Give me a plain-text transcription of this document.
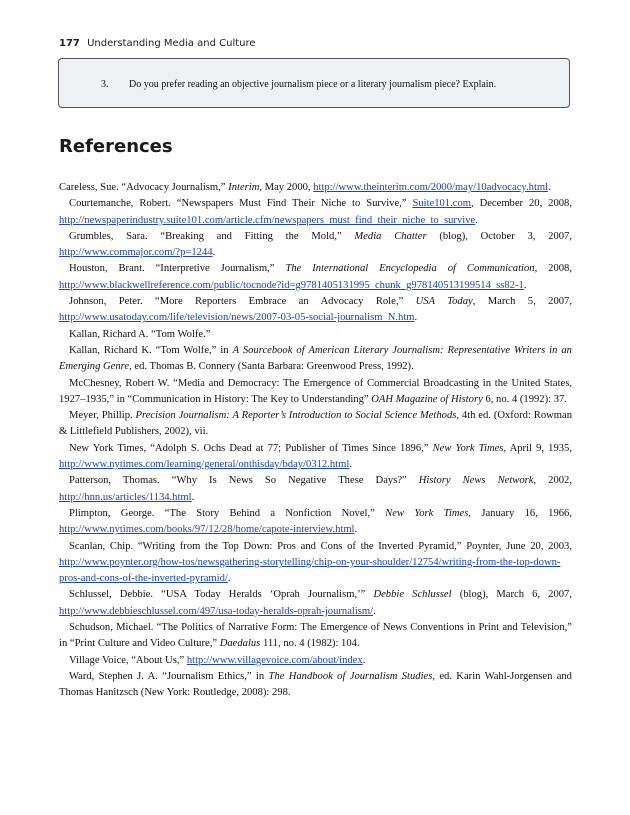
177 Understanding Media and Culture
3. Do you prefer reading an objective journalism piece or a literary journalism piece? Explain.
References

Careless, Sue. “Advocacy Journalism,” Interim, May 2000, http://www.theinterim.com/2000/may/10advocacy.html.

Courtemanche, Robert. “Newspapers Must Find Their Niche to Survive,” Suite101.com, December 20, 2008, http://newspaperindustry.suite101.com/article.cfm/newspapers_must_find_their_niche_to_survive.

Grumbles, Sara. “Breaking and Fitting the Mold,” Media Chatter (blog), October 3, 2007, http://www.commajor.com/?p=1244.

Houston, Brant. “Interpretive Journalism,” The International Encyclopedia of Communication, 2008, http://www.blackwellreference.com/public/tocnode?id=g9781405131995_chunk_g978140513199514_ss82-1.

Johnson, Peter. “More Reporters Embrace an Advocacy Role,” USA Today, March 5, 2007, http://www.usatoday.com/life/television/news/2007-03-05-social-journalism_N.htm.

Kallan, Richard A. “Tom Wolfe.”

Kallan, Richard K. “Tom Wolfe,” in A Sourcebook of American Literary Journalism: Representative Writers in an Emerging Genre, ed. Thomas B. Connery (Santa Barbara: Greenwood Press, 1992).

McChesney, Robert W. “Media and Democracy: The Emergence of Commercial Broadcasting in the United States, 1927–1935,” in “Communication in History: The Key to Understanding” OAH Magazine of History 6, no. 4 (1992): 37.

Meyer, Phillip. Precision Journalism: A Reporter’s Introduction to Social Science Methods, 4th ed. (Oxford: Rowman & Littlefield Publishers, 2002), vii.

New York Times, “Adolph S. Ochs Dead at 77; Publisher of Times Since 1896,” New York Times, April 9, 1935, http://www.nytimes.com/learning/general/onthisday/bday/0312.html.

Patterson, Thomas. “Why Is News So Negative These Days?” History News Network, 2002, http://hnn.us/articles/1134.html.

Plimpton, George. “The Story Behind a Nonfiction Novel,” New York Times, January 16, 1966, http://www.nytimes.com/books/97/12/28/home/capote-interview.html.

Scanlan, Chip. “Writing from the Top Down: Pros and Cons of the Inverted Pyramid,” Poynter, June 20, 2003, http://www.poynter.org/how-tos/newsgathering-storytelling/chip-on-your-shoulder/12754/writing-from-the-top-down-pros-and-cons-of-the-inverted-pyramid/.

Schlussel, Debbie. “USA Today Heralds ‘Oprah Journalism,’” Debbie Schlussel (blog), March 6, 2007, http://www.debbieschlussel.com/497/usa-today-heralds-oprah-journalism/.

Schudson, Michael. “The Politics of Narrative Form: The Emergence of News Conventions in Print and Television,” in “Print Culture and Video Culture,” Daedalus 111, no. 4 (1982): 104.

Village Voice, “About Us,” http://www.villagevoice.com/about/index.

Ward, Stephen J. A. “Journalism Ethics,” in The Handbook of Journalism Studies, ed. Karin Wahl-Jorgensen and Thomas Hanitzsch (New York: Routledge, 2008): 298.
